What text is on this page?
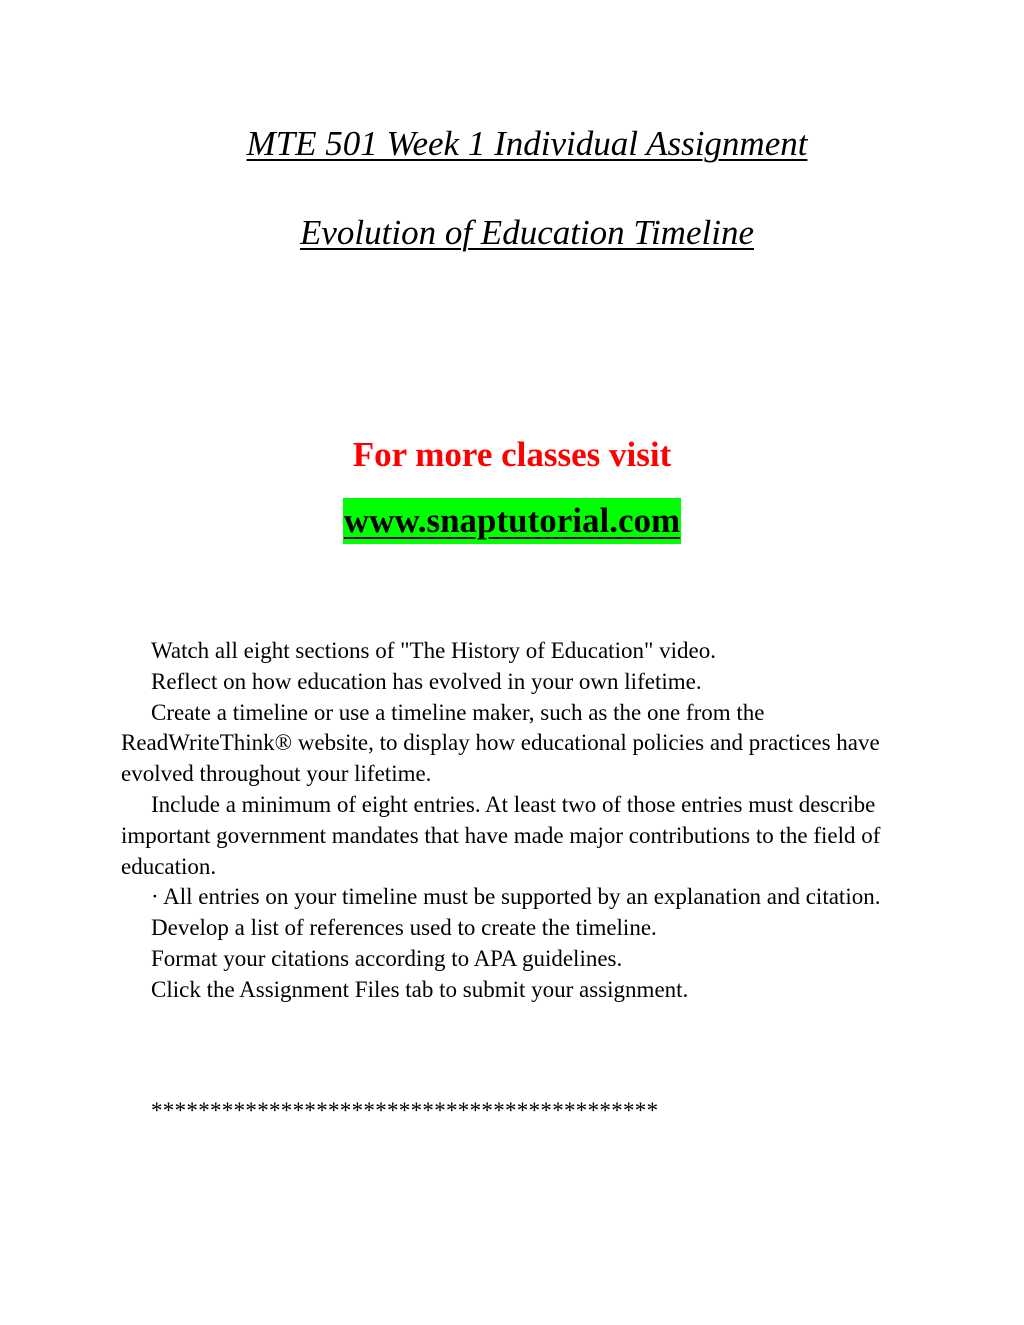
MTE 501 Week 1 Individual Assignment
Evolution of Education Timeline

For more classes visit

www.snaptutorial.com
Watch all eight sections of "The History of Education" video.
Reflect on how education has evolved in your own lifetime.
Create a timeline or use a timeline maker, such as the one from the ReadWriteThink® website, to display how educational policies and practices have evolved throughout your lifetime.
Include a minimum of eight entries. At least two of those entries must describe important government mandates that have made major contributions to the field of education.
· All entries on your timeline must be supported by an explanation and citation.
Develop a list of references used to create the timeline.
Format your citations according to APA guidelines.
Click the Assignment Files tab to submit your assignment.
*******************************************
